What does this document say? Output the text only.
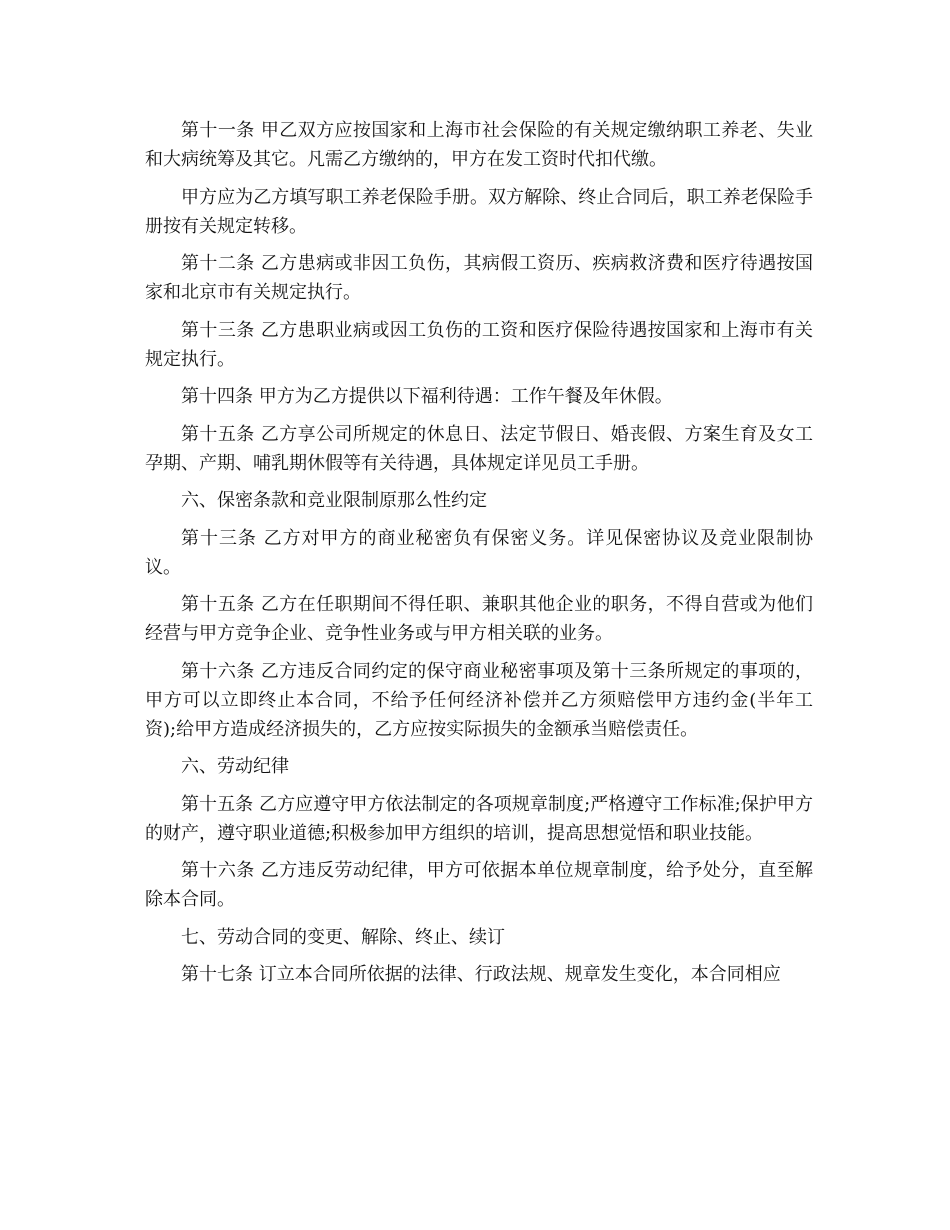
第十一条 甲乙双方应按国家和上海市社会保险的有关规定缴纳职工养老、失业和大病统筹及其它。凡需乙方缴纳的，甲方在发工资时代扣代缴。

甲方应为乙方填写职工养老保险手册。双方解除、终止合同后，职工养老保险手册按有关规定转移。

第十二条 乙方患病或非因工负伤，其病假工资历、疾病救济费和医疗待遇按国家和北京市有关规定执行。

第十三条 乙方患职业病或因工负伤的工资和医疗保险待遇按国家和上海市有关规定执行。

第十四条 甲方为乙方提供以下福利待遇：工作午餐及年休假。

第十五条 乙方享公司所规定的休息日、法定节假日、婚丧假、方案生育及女工孕期、产期、哺乳期休假等有关待遇，具体规定详见员工手册。

六、保密条款和竞业限制原那么性约定

第十三条 乙方对甲方的商业秘密负有保密义务。详见保密协议及竞业限制协议。

第十五条 乙方在任职期间不得任职、兼职其他企业的职务，不得自营或为他们经营与甲方竞争企业、竞争性业务或与甲方相关联的业务。

第十六条 乙方违反合同约定的保守商业秘密事项及第十三条所规定的事项的，甲方可以立即终止本合同，不给予任何经济补偿并乙方须赔偿甲方违约金(半年工资);给甲方造成经济损失的，乙方应按实际损失的金额承当赔偿责任。

六、劳动纪律

第十五条 乙方应遵守甲方依法制定的各项规章制度;严格遵守工作标准;保护甲方的财产，遵守职业道德;积极参加甲方组织的培训，提高思想觉悟和职业技能。

第十六条 乙方违反劳动纪律，甲方可依据本单位规章制度，给予处分，直至解除本合同。

七、劳动合同的变更、解除、终止、续订

第十七条 订立本合同所依据的法律、行政法规、规章发生变化，本合同相应
